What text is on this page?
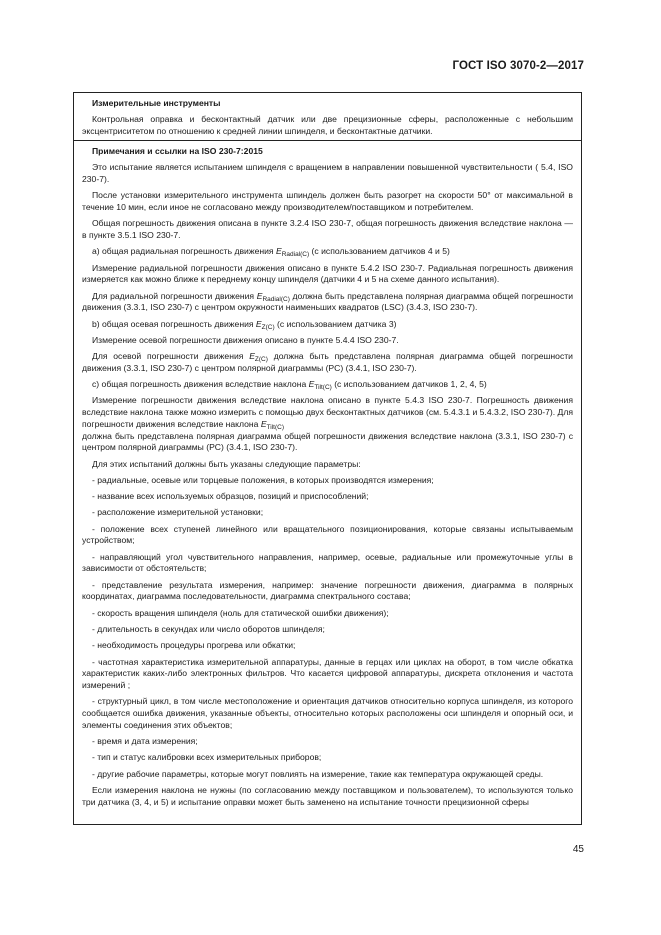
ГОСТ ISO 3070-2—2017

Измерительные инструменты

Контрольная оправка и бесконтактный датчик или две прецизионные сферы, расположенные с небольшим эксцентриситетом по отношению к средней линии шпинделя, и бесконтактные датчики.

Примечания и ссылки на ISO 230-7:2015

Это испытание является испытанием шпинделя с вращением в направлении повышенной чувствительности ( 5.4, ISO 230-7).

После установки измерительного инструмента шпиндель должен быть разогрет на скорости 50° от максимальной в течение 10 мин, если иное не согласовано между производителем/поставщиком и потребителем.

Общая погрешность движения описана в пункте 3.2.4 ISO 230-7, общая погрешность движения вследствие наклона — в пункте 3.5.1 ISO 230-7.

а) общая радиальная погрешность движения $E_{Radial(C)}$ (с использованием датчиков 4 и 5)

Измерение радиальной погрешности движения описано в пункте 5.4.2 ISO 230-7. Радиальная погрешность движения измеряется как можно ближе к переднему концу шпинделя (датчики 4 и 5 на схеме данного испытания).

Для радиальной погрешности движения $E_{Radial(C)}$ должна быть представлена полярная диаграмма общей погрешности движения (3.3.1, ISO 230-7) с центром окружности наименьших квадратов (LSC) (3.4.3, ISO 230-7).

b) общая осевая погрешность движения $E_{Z(C)}$ (с использованием датчика 3)

Измерение осевой погрешности движения описано в пункте 5.4.4 ISO 230-7.

Для осевой погрешности движения $E_{Z(C)}$ должна быть представлена полярная диаграмма общей погрешности движения (3.3.1, ISO 230-7) с центром полярной диаграммы (PC) (3.4.1, ISO 230-7).

с) общая погрешность движения вследствие наклона $E_{Tilt(C)}$ (с использованием датчиков 1, 2, 4, 5)

Измерение погрешности движения вследствие наклона описано в пункте 5.4.3 ISO 230-7. Погрешность движения вследствие наклона также можно измерить с помощью двух бесконтактных датчиков (см. 5.4.3.1 и 5.4.3.2, ISO 230-7). Для погрешности движения вследствие наклона $E_{Tilt(C)}$

должна быть представлена полярная диаграмма общей погрешности движения вследствие наклона (3.3.1, ISO 230-7) с центром полярной диаграммы (PC) (3.4.1, ISO 230-7).

Для этих испытаний должны быть указаны следующие параметры:

- радиальные, осевые или торцевые положения, в которых производятся измерения;

- название всех используемых образцов, позиций и приспособлений;

- расположение измерительной установки;

- положение всех ступеней линейного или вращательного позиционирования, которые связаны испытываемым устройством;

- направляющий угол чувствительного направления, например, осевые, радиальные или промежуточные углы в зависимости от обстоятельств;

- представление результата измерения, например: значение погрешности движения, диаграмма в полярных координатах, диаграмма последовательности, диаграмма спектрального состава;

- скорость вращения шпинделя (ноль для статической ошибки движения);

- длительность в секундах или число оборотов шпинделя;

- необходимость процедуры прогрева или обкатки;

- частотная характеристика измерительной аппаратуры, данные в герцах или циклах на оборот, в том числе обкатка характеристик каких-либо электронных фильтров. Что касается цифровой аппаратуры, дискрета отклонения и частота измерений ;

- структурный цикл, в том числе местоположение и ориентация датчиков относительно корпуса шпинделя, из которого сообщается ошибка движения, указанные объекты, относительно которых расположены оси шпинделя и опорный оси, и элементы соединения этих объектов;

- время и дата измерения;

- тип и статус калибровки всех измерительных приборов;

- другие рабочие параметры, которые могут повлиять на измерение, такие как температура окружающей среды.

Если измерения наклона не нужны (по согласованию между поставщиком и пользователем), то используются только три датчика (3, 4, и 5) и испытание оправки может быть заменено на испытание точности прецизионной сферы

45
